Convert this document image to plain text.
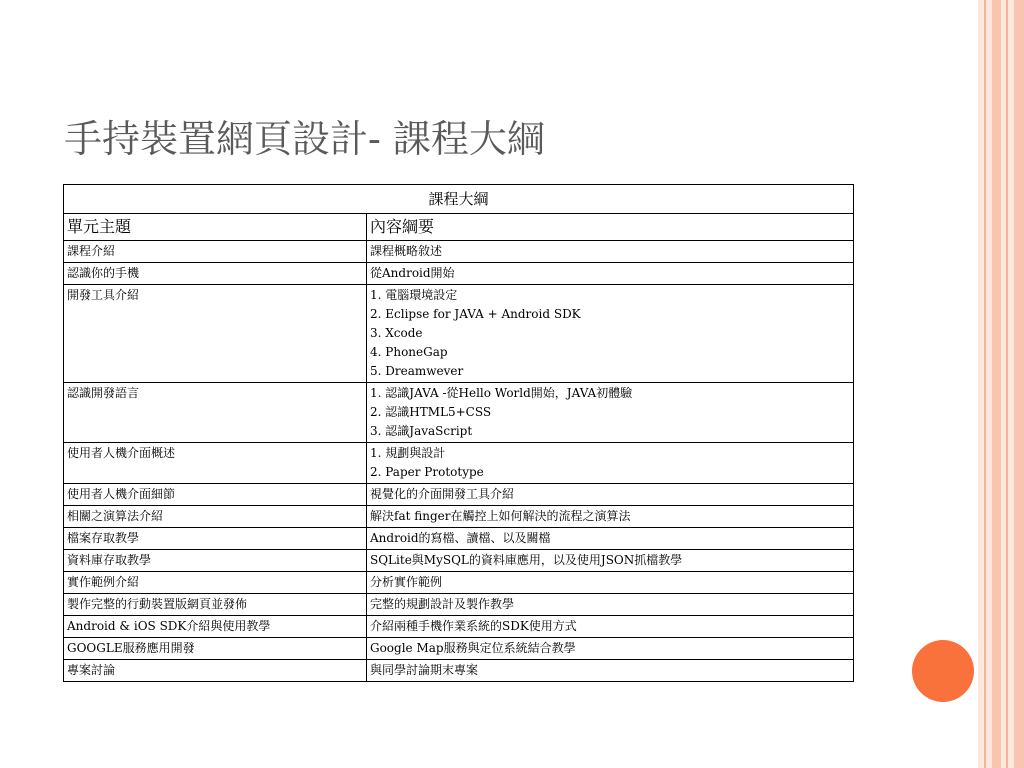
手持裝置網頁設計- 課程大綱
課程大綱	
單元主題	內容綱要
課程介紹	課程概略敘述

認識你的手機	從Android開始

開發工具介紹	1. 電腦環境設定
2. Eclipse for JAVA + Android SDK
3. Xcode
4. PhoneGap
5. Dreamwever

認識開發語言	1. 認識JAVA -從Hello World開始，JAVA初體驗
2. 認識HTML5+CSS
3. 認識JavaScript

使用者人機介面概述	1. 規劃與設計
2. Paper Prototype

使用者人機介面細節	視覺化的介面開發工具介紹

相關之演算法介紹	解決fat finger在觸控上如何解決的流程之演算法

檔案存取教學	Android的寫檔、讀檔、以及關檔

資料庫存取教學	SQLite與MySQL的資料庫應用，以及使用JSON抓檔教學

實作範例介紹	分析實作範例

製作完整的行動裝置版網頁並發佈	完整的規劃設計及製作教學

Android & iOS SDK介紹與使用教學	介紹兩種手機作業系統的SDK使用方式

GOOGLE服務應用開發	Google Map服務與定位系統結合教學

專案討論	與同學討論期末專案
